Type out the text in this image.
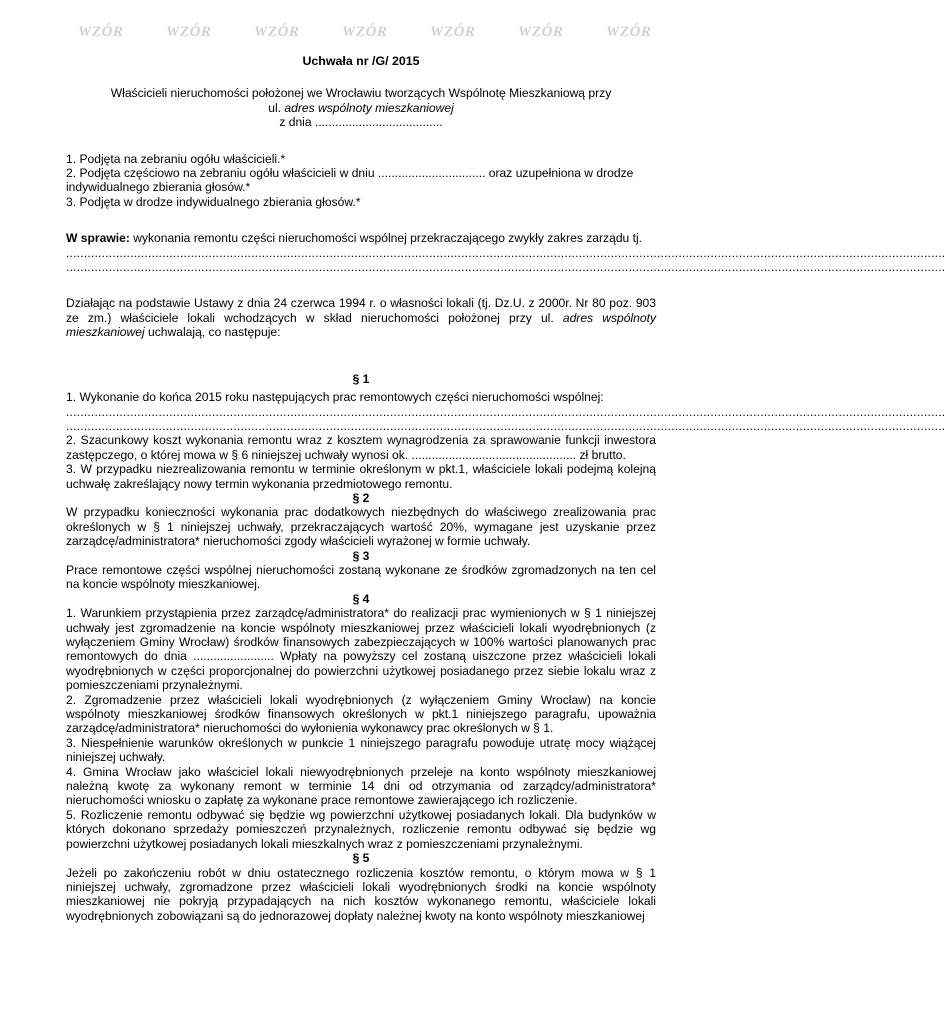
WZÓR	WZÓR	WZÓR	WZÓR	WZÓR	WZÓR	WZÓR

Uchwała nr /G/ 2015

Właścicieli nieruchomości położonej we Wrocławiu tworzących Wspólnotę Mieszkaniową przy

ul. adres wspólnoty mieszkaniowej

z dnia ......................................

1. Podjęta na zebraniu ogółu właścicieli.*

2. Podjęta częściowo na zebraniu ogółu właścicieli w dniu ................................ oraz uzupełniona w drodze indywidualnego zbierania głosów.*

3. Podjęta w drodze indywidualnego zbierania głosów.*

W sprawie: wykonania remontu części nieruchomości wspólnej przekraczającego zwykły zakres zarządu tj.

.......................................................................................................................................................................................................................................................

.......................................................................................................................................................................................................................................................

Działając na podstawie Ustawy z dnia 24 czerwca 1994 r. o własności lokali (tj. Dz.U. z 2000r. Nr 80 poz. 903 ze zm.) właściciele lokali wchodzących w skład nieruchomości położonej przy ul. adres wspólnoty mieszkaniowej uchwalają, co następuje:

§ 1

1. Wykonanie do końca 2015 roku następujących prac remontowych części nieruchomości wspólnej:

.......................................................................................................................................................................................................................................................

.......................................................................................................................................................................................................................................................

2. Szacunkowy koszt wykonania remontu wraz z kosztem wynagrodzenia za sprawowanie funkcji inwestora zastępczego, o której mowa w § 6 niniejszej uchwały wynosi ok. ................................................. zł brutto.

3. W przypadku niezrealizowania remontu w terminie określonym w pkt.1, właściciele lokali podejmą kolejną uchwałę zakreślający nowy termin wykonania przedmiotowego remontu.

§ 2

W przypadku konieczności wykonania prac dodatkowych niezbędnych do właściwego zrealizowania prac określonych w § 1 niniejszej uchwały, przekraczających wartość 20%, wymagane jest uzyskanie przez zarządcę/administratora* nieruchomości zgody właścicieli wyrażonej w formie uchwały.

§ 3

Prace remontowe części wspólnej nieruchomości zostaną wykonane ze środków zgromadzonych na ten cel na koncie wspólnoty mieszkaniowej.

§ 4

1. Warunkiem przystąpienia przez zarządcę/administratora* do realizacji prac wymienionych w § 1 niniejszej uchwały jest zgromadzenie na koncie wspólnoty mieszkaniowej przez właścicieli lokali wyodrębnionych (z wyłączeniem Gminy Wrocław) środków finansowych zabezpieczających w 100% wartości planowanych prac remontowych do dnia ........................ Wpłaty na powyższy cel zostaną uiszczone przez właścicieli lokali wyodrębnionych w części proporcjonalnej do powierzchni użytkowej posiadanego przez siebie lokalu wraz z pomieszczeniami przynależnymi.

2. Zgromadzenie przez właścicieli lokali wyodrębnionych (z wyłączeniem Gminy Wrocław) na koncie wspólnoty mieszkaniowej środków finansowych określonych w pkt.1 niniejszego paragrafu, upoważnia zarządcę/administratora* nieruchomości do wyłonienia wykonawcy prac określonych w § 1.

3. Niespełnienie warunków określonych w punkcie 1 niniejszego paragrafu powoduje utratę mocy wiążącej niniejszej uchwały.

4. Gmina Wrocław jako właściciel lokali niewyodrębnionych przeleje na konto wspólnoty mieszkaniowej należną kwotę za wykonany remont w terminie 14 dni od otrzymania od zarządcy/administratora* nieruchomości wniosku o zapłatę za wykonane prace remontowe zawierającego ich rozliczenie.

5. Rozliczenie remontu odbywać się będzie wg powierzchni użytkowej posiadanych lokali. Dla budynków w których dokonano sprzedaży pomieszczeń przynależnych, rozliczenie remontu odbywać się będzie wg powierzchni użytkowej posiadanych lokali mieszkalnych wraz z pomieszczeniami przynależnymi.

§ 5

Jeżeli po zakończeniu robót w dniu ostatecznego rozliczenia kosztów remontu, o którym mowa w § 1 niniejszej uchwały, zgromadzone przez właścicieli lokali wyodrębnionych środki na koncie wspólnoty mieszkaniowej nie pokryją przypadających na nich kosztów wykonanego remontu, właściciele lokali wyodrębnionych zobowiązani są do jednorazowej dopłaty należnej kwoty na konto wspólnoty mieszkaniowej
